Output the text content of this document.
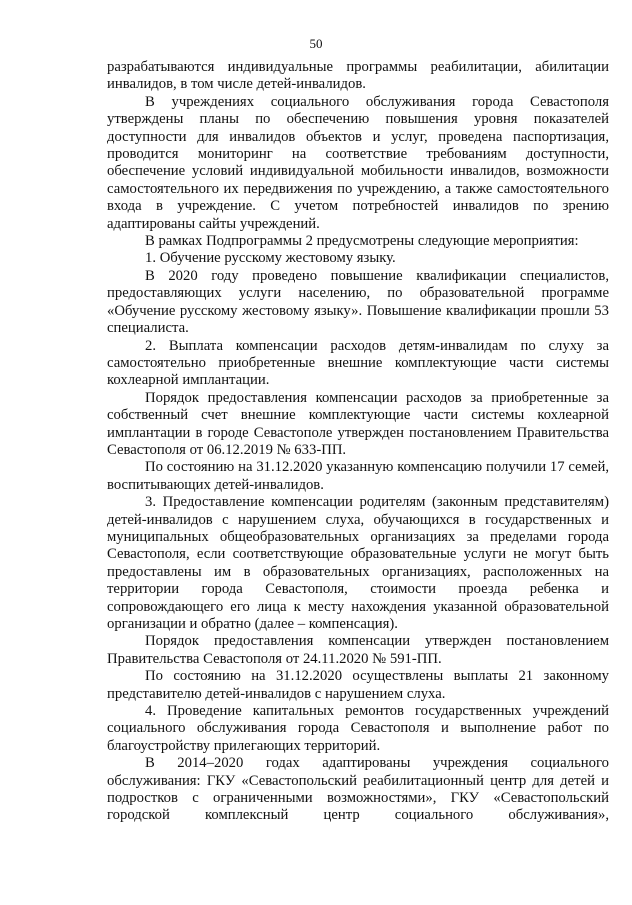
50

разрабатываются индивидуальные программы реабилитации, абилитации инвалидов, в том числе детей-инвалидов.

В учреждениях социального обслуживания города Севастополя утверждены планы по обеспечению повышения уровня показателей доступности для инвалидов объектов и услуг, проведена паспортизация, проводится мониторинг на соответствие требованиям доступности, обеспечение условий индивидуальной мобильности инвалидов, возможности самостоятельного их передвижения по учреждению, а также самостоятельного входа в учреждение. С учетом потребностей инвалидов по зрению адаптированы сайты учреждений.

В рамках Подпрограммы 2 предусмотрены следующие мероприятия:

1. Обучение русскому жестовому языку.

В 2020 году проведено повышение квалификации специалистов, предоставляющих услуги населению, по образовательной программе «Обучение русскому жестовому языку». Повышение квалификации прошли 53 специалиста.

2. Выплата компенсации расходов детям-инвалидам по слуху за самостоятельно приобретенные внешние комплектующие части системы кохлеарной имплантации.

Порядок предоставления компенсации расходов за приобретенные за собственный счет внешние комплектующие части системы кохлеарной имплантации в городе Севастополе утвержден постановлением Правительства Севастополя от 06.12.2019 № 633-ПП.

По состоянию на 31.12.2020 указанную компенсацию получили 17 семей, воспитывающих детей-инвалидов.

3. Предоставление компенсации родителям (законным представителям) детей-инвалидов с нарушением слуха, обучающихся в государственных и муниципальных общеобразовательных организациях за пределами города Севастополя, если соответствующие образовательные услуги не могут быть предоставлены им в образовательных организациях, расположенных на территории города Севастополя, стоимости проезда ребенка и сопровождающего его лица к месту нахождения указанной образовательной организации и обратно (далее – компенсация).

Порядок предоставления компенсации утвержден постановлением Правительства Севастополя от 24.11.2020 № 591-ПП.

По состоянию на 31.12.2020 осуществлены выплаты 21 законному представителю детей-инвалидов с нарушением слуха.

4. Проведение капитальных ремонтов государственных учреждений социального обслуживания города Севастополя и выполнение работ по благоустройству прилегающих территорий.

В 2014–2020 годах адаптированы учреждения социального обслуживания: ГКУ «Севастопольский реабилитационный центр для детей и подростков с ограниченными возможностями», ГКУ «Севастопольский городской комплексный центр социального обслуживания»,
